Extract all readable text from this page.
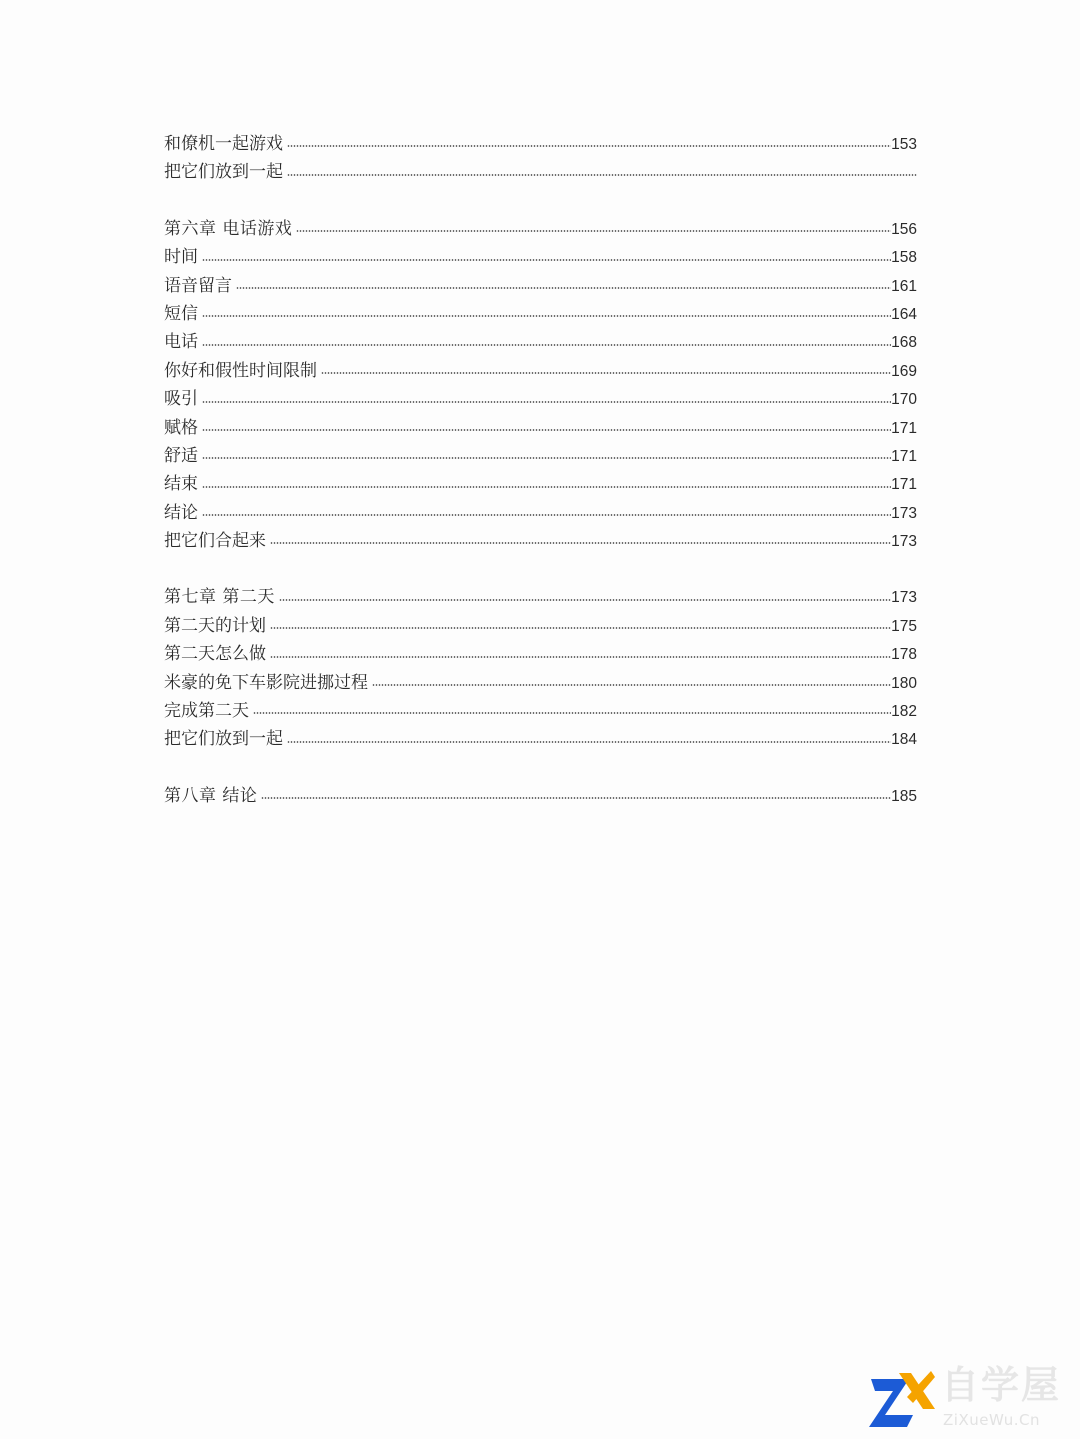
和僚机一起游戏	153
把它们放到一起
第六章 电话游戏	156
时间	158
语音留言	161
短信	164
电话	168
你好和假性时间限制	169
吸引	170
赋格	171
舒适	171
结束	171
结论	173
把它们合起来	173
第七章 第二天	173
第二天的计划	175
第二天怎么做	178
米豪的免下车影院进挪过程	180
完成第二天	182
把它们放到一起	184
第八章 结论	185
自学屋
ZiXueWu.Cn
